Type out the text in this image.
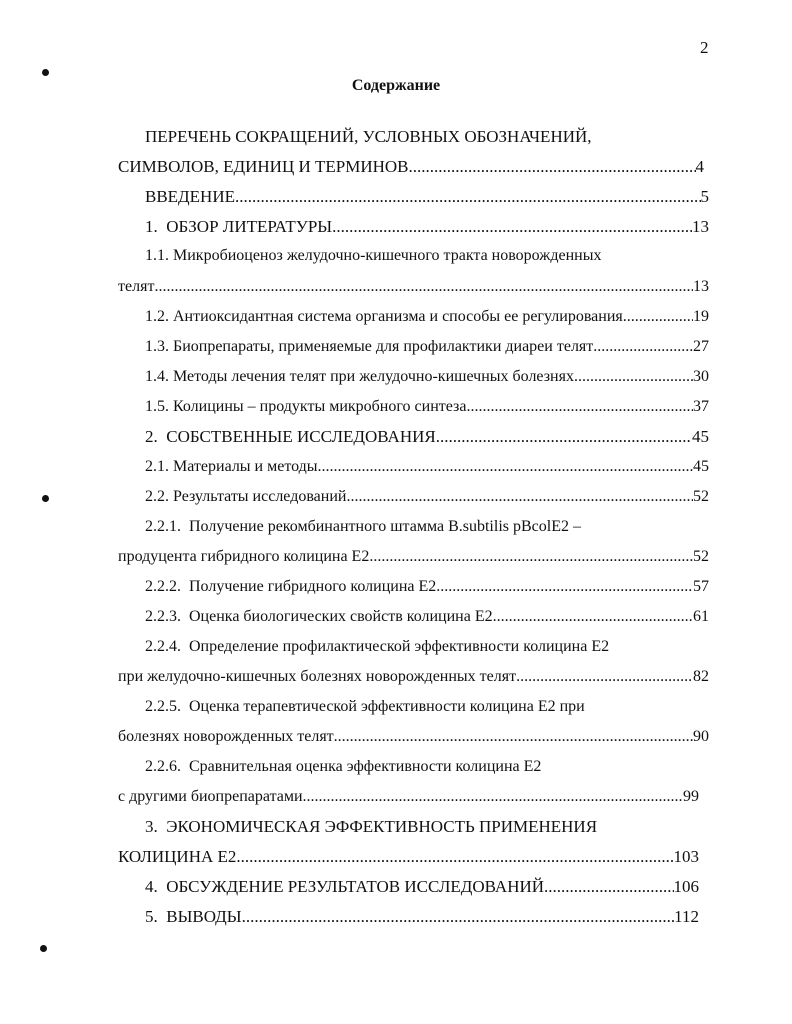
2
Содержание
ПЕРЕЧЕНЬ СОКРАЩЕНИЙ, УСЛОВНЫХ ОБОЗНАЧЕНИЙ,
СИМВОЛОВ, ЕДИНИЦ И ТЕРМИНОВ .....	4
ВВЕДЕНИЕ .....	5
1.  ОБЗОР ЛИТЕРАТУРЫ .....	13
1.1. Микробиоценоз желудочно-кишечного тракта новорожденных
телят .....	13
1.2. Антиоксидантная система организма и способы ее регулирования .....	19
1.3. Биопрепараты, применяемые для профилактики диареи телят .....	27
1.4. Методы лечения телят при желудочно-кишечных болезнях .....	30
1.5. Колицины – продукты микробного синтеза .....	37
2.  СОБСТВЕННЫЕ ИССЛЕДОВАНИЯ .....	45
2.1. Материалы и методы .....	45
2.2. Результаты исследований .....	52
2.2.1.  Получение рекомбинантного штамма B.subtilis pBcolE2 –
продуцента гибридного колицина Е2 .....	52
2.2.2.  Получение гибридного колицина Е2 .....	57
2.2.3.  Оценка биологических свойств колицина Е2 .....	61
2.2.4.  Определение профилактической эффективности колицина Е2
при желудочно-кишечных болезнях новорожденных телят .....	82
2.2.5.  Оценка терапевтической эффективности колицина Е2 при
болезнях новорожденных телят .....	90
2.2.6.  Сравнительная оценка эффективности колицина Е2
с другими биопрепаратами .....	99
3.  ЭКОНОМИЧЕСКАЯ ЭФФЕКТИВНОСТЬ ПРИМЕНЕНИЯ
КОЛИЦИНА Е2 .....	103
4.  ОБСУЖДЕНИЕ РЕЗУЛЬТАТОВ ИССЛЕДОВАНИЙ .....	106
5.  ВЫВОДЫ .....	112
